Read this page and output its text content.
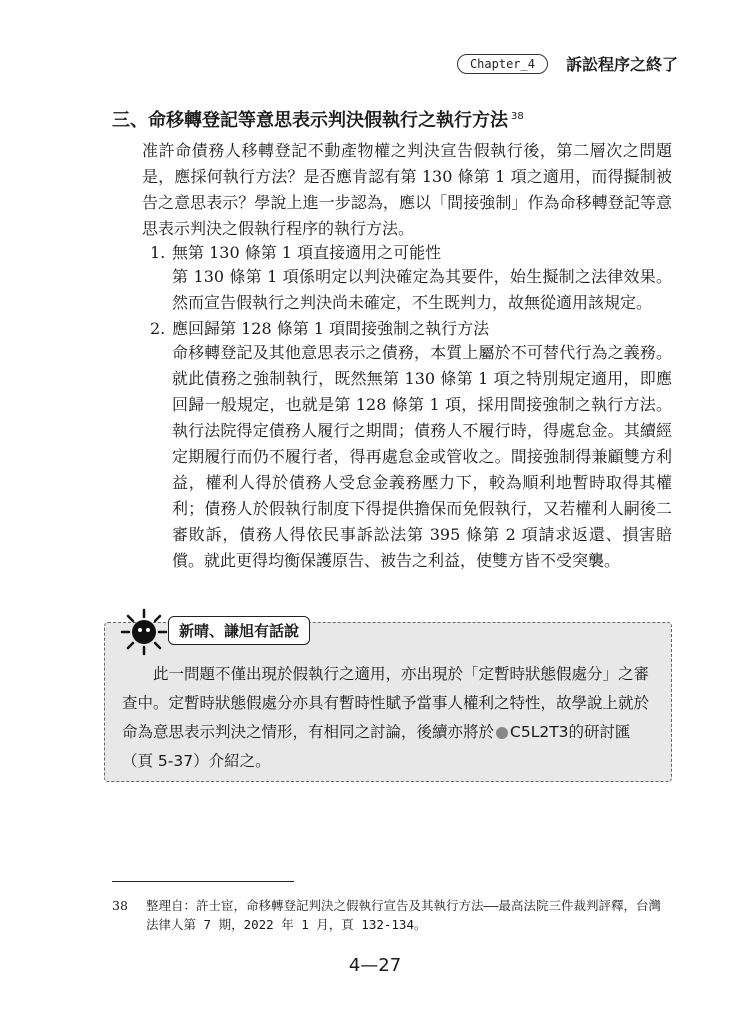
Chapter_4	訴訟程序之終了
三、命移轉登記等意思表示判決假執行之執行方法 $^{38}$

准許命債務人移轉登記不動產物權之判決宣告假執行後，第二層次之問題是，應採何執行方法？是否應肯認有第 130 條第 1 項之適用，而得擬制被告之意思表示？學說上進一步認為，應以「間接強制」作為命移轉登記等意思表示判決之假執行程序的執行方法。

1. 無第 130 條第 1 項直接適用之可能性

第 130 條第 1 項係明定以判決確定為其要件，始生擬制之法律效果。然而宣告假執行之判決尚未確定，不生既判力，故無從適用該規定。

2. 應回歸第 128 條第 1 項間接強制之執行方法

命移轉登記及其他意思表示之債務，本質上屬於不可替代行為之義務。就此債務之強制執行，既然無第 130 條第 1 項之特別規定適用，即應回歸一般規定，也就是第 128 條第 1 項，採用間接強制之執行方法。執行法院得定債務人履行之期間；債務人不履行時，得處怠金。其續經定期履行而仍不履行者，得再處怠金或管收之。間接強制得兼顧雙方利益，權利人得於債務人受怠金義務壓力下，較為順利地暫時取得其權利；債務人於假執行制度下得提供擔保而免假執行，又若權利人嗣後二審敗訴，債務人得依民事訴訟法第 395 條第 2 項請求返還、損害賠償。就此更得均衡保護原告、被告之利益，使雙方皆不受突襲。

新晴、謙旭有話說

此一問題不僅出現於假執行之適用，亦出現於「定暫時狀態假處分」之審查中。定暫時狀態假處分亦具有暫時性賦予當事人權利之特性，故學說上就於命為意思表示判決之情形，有相同之討論，後續亦將於 C5L2T3的研討匯（頁 5-37）介紹之。

38 整理自：許士宦，命移轉登記判決之假執行宣告及其執行方法——最高法院三件裁判評釋，台灣法律人第 7 期，2022 年 1 月，頁 132-134。

4—27
